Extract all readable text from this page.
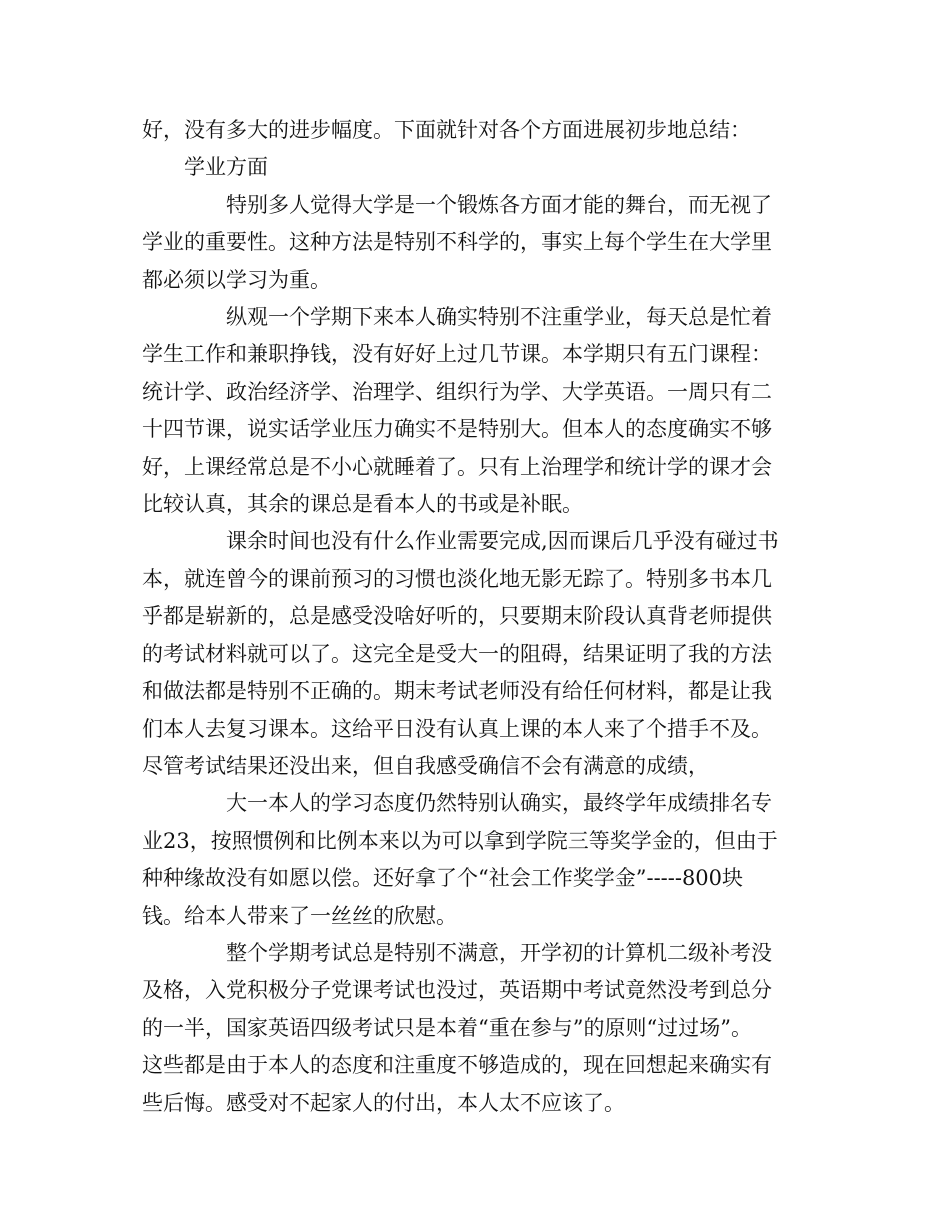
好，没有多大的进步幅度。下面就针对各个方面进展初步地总结：

学业方面

特别多人觉得大学是一个锻炼各方面才能的舞台，而无视了
学业的重要性。这种方法是特别不科学的，事实上每个学生在大学里
都必须以学习为重。

纵观一个学期下来本人确实特别不注重学业，每天总是忙着
学生工作和兼职挣钱，没有好好上过几节课。本学期只有五门课程：
统计学、政治经济学、治理学、组织行为学、大学英语。一周只有二
十四节课，说实话学业压力确实不是特别大。但本人的态度确实不够
好，上课经常总是不小心就睡着了。只有上治理学和统计学的课才会
比较认真，其余的课总是看本人的书或是补眠。

课余时间也没有什么作业需要完成,因而课后几乎没有碰过书
本，就连曾今的课前预习的习惯也淡化地无影无踪了。特别多书本几
乎都是崭新的，总是感受没啥好听的，只要期末阶段认真背老师提供
的考试材料就可以了。这完全是受大一的阻碍，结果证明了我的方法
和做法都是特别不正确的。期末考试老师没有给任何材料，都是让我
们本人去复习课本。这给平日没有认真上课的本人来了个措手不及。
尽管考试结果还没出来，但自我感受确信不会有满意的成绩，

大一本人的学习态度仍然特别认确实，最终学年成绩排名专
业23，按照惯例和比例本来以为可以拿到学院三等奖学金的，但由于
种种缘故没有如愿以偿。还好拿了个“社会工作奖学金”-----800块
钱。给本人带来了一丝丝的欣慰。

整个学期考试总是特别不满意，开学初的计算机二级补考没
及格，入党积极分子党课考试也没过，英语期中考试竟然没考到总分
的一半，国家英语四级考试只是本着“重在参与”的原则“过过场”。
这些都是由于本人的态度和注重度不够造成的，现在回想起来确实有
些后悔。感受对不起家人的付出，本人太不应该了。
